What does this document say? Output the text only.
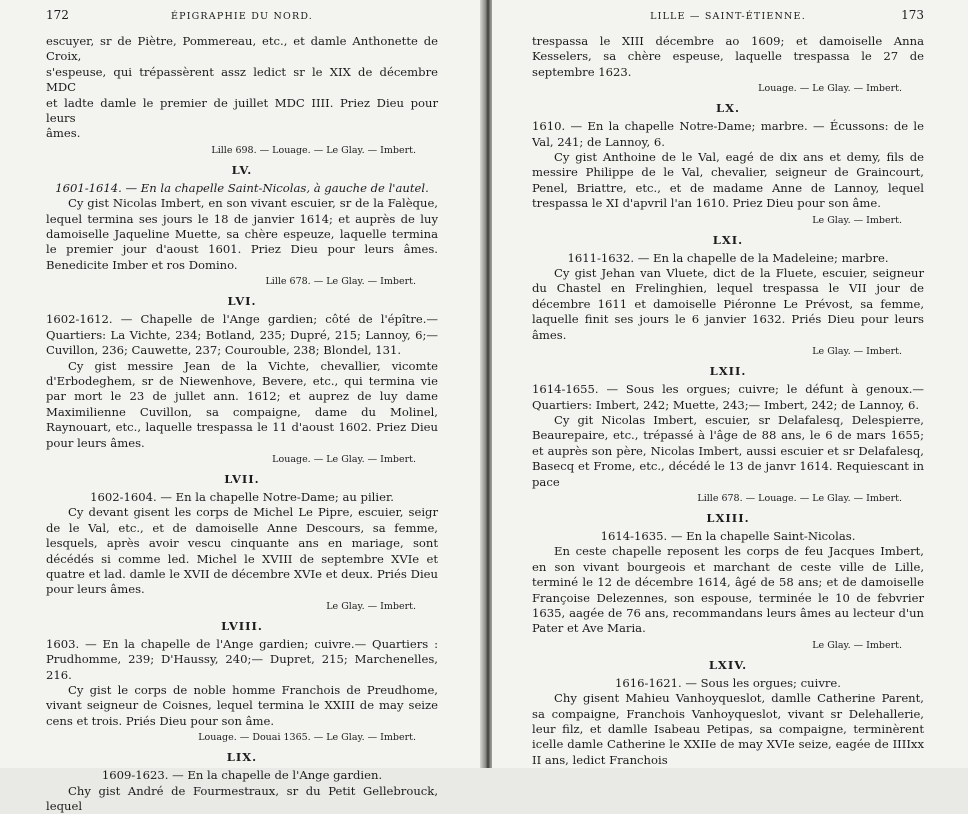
172	ÉPIGRAPHIE DU NORD.

escuyer, sr de Piètre, Pommereau, etc., et damle Anthonette de Croix,

s'espeuse, qui trépassèrent assz ledict sr le XIX de décembre MDC

et ladte damle le premier de juillet MDC IIII. Priez Dieu pour leurs

âmes.

Lille 698. — Louage. — Le Glay. — Imbert.
LV.

1601-1614. — En la chapelle Saint-Nicolas, à gauche de l'autel.

Cy gist Nicolas Imbert, en son vivant escuier, sr de la Falèque, lequel termina ses jours le 18 de janvier 1614; et auprès de luy damoiselle Jaqueline Muette, sa chère espeuze, laquelle termina le premier jour d'aoust 1601. Priez Dieu pour leurs âmes. Benedicite Imber et ros Domino.

Lille 678. — Le Glay. — Imbert.
LVI.

1602-1612. — Chapelle de l'Ange gardien; côté de l'épître.— Quartiers: La Vichte, 234; Botland, 235; Dupré, 215; Lannoy, 6;— Cuvillon, 236; Cauwette, 237; Courouble, 238; Blondel, 131.

Cy gist messire Jean de la Vichte, chevallier, vicomte d'Erbodeghem, sr de Niewenhove, Bevere, etc., qui termina vie par mort le 23 de jullet ann. 1612; et auprez de luy dame Maximilienne Cuvillon, sa compaigne, dame du Molinel, Raynouart, etc., laquelle trespassa le 11 d'aoust 1602. Priez Dieu pour leurs âmes.

Louage. — Le Glay. — Imbert.
LVII.

1602-1604. — En la chapelle Notre-Dame; au pilier.

Cy devant gisent les corps de Michel Le Pipre, escuier, seigr de le Val, etc., et de damoiselle Anne Descours, sa femme, lesquels, après avoir vescu cinquante ans en mariage, sont décédés si comme led. Michel le XVIII de septembre XVIe et quatre et lad. damle le XVII de décembre XVIe et deux. Priés Dieu pour leurs âmes.

Le Glay. — Imbert.
LVIII.

1603. — En la chapelle de l'Ange gardien; cuivre.— Quartiers : Prudhomme, 239; D'Haussy, 240;— Dupret, 215; Marchenelles, 216.

Cy gist le corps de noble homme Franchois de Preudhome, vivant seigneur de Coisnes, lequel termina le XXIII de may seize cens et trois. Priés Dieu pour son âme.

Louage. — Douai 1365. — Le Glay. — Imbert.
LIX.

1609-1623. — En la chapelle de l'Ange gardien.

Chy gist André de Fourmestraux, sr du Petit Gellebrouck, lequel

LILLE — SAINT-ÉTIENNE.	173

trespassa le XIII décembre ao 1609; et damoiselle Anna Kesselers, sa chère espeuse, laquelle trespassa le 27 de septembre 1623.

Louage. — Le Glay. — Imbert.
LX.

1610. — En la chapelle Notre-Dame; marbre. — Écussons: de le Val, 241; de Lannoy, 6.

Cy gist Anthoine de le Val, eagé de dix ans et demy, fils de messire Philippe de le Val, chevalier, seigneur de Graincourt, Penel, Briattre, etc., et de madame Anne de Lannoy, lequel trespassa le XI d'apvril l'an 1610. Priez Dieu pour son âme.

Le Glay. — Imbert.
LXI.

1611-1632. — En la chapelle de la Madeleine; marbre.

Cy gist Jehan van Vluete, dict de la Fluete, escuier, seigneur du Chastel en Frelinghien, lequel trespassa le VII jour de décembre 1611 et damoiselle Piéronne Le Prévost, sa femme, laquelle finit ses jours le 6 janvier 1632. Priés Dieu pour leurs âmes.

Le Glay. — Imbert.
LXII.

1614-1655. — Sous les orgues; cuivre; le défunt à genoux.— Quartiers: Imbert, 242; Muette, 243;— Imbert, 242; de Lannoy, 6.

Cy git Nicolas Imbert, escuier, sr Delafalesq, Delespierre, Beaurepaire, etc., trépassé à l'âge de 88 ans, le 6 de mars 1655; et auprès son père, Nicolas Imbert, aussi escuier et sr Delafalesq, Basecq et Frome, etc., décédé le 13 de janvr 1614. Requiescant in pace

Lille 678. — Louage. — Le Glay. — Imbert.
LXIII.

1614-1635. — En la chapelle Saint-Nicolas.

En ceste chapelle reposent les corps de feu Jacques Imbert, en son vivant bourgeois et marchant de ceste ville de Lille, terminé le 12 de décembre 1614, âgé de 58 ans; et de damoiselle Françoise Delezennes, son espouse, terminée le 10 de febvrier 1635, aagée de 76 ans, recommandans leurs âmes au lecteur d'un Pater et Ave Maria.

Le Glay. — Imbert.
LXIV.

1616-1621. — Sous les orgues; cuivre.

Chy gisent Mahieu Vanhoyqueslot, damlle Catherine Parent, sa compaigne, Franchois Vanhoyqueslot, vivant sr Delehallerie, leur filz, et damlle Isabeau Petipas, sa compaigne, terminèrent icelle damle Catherine le XXIIe de may XVIe seize, eagée de IIIIxx II ans, ledict Franchois
